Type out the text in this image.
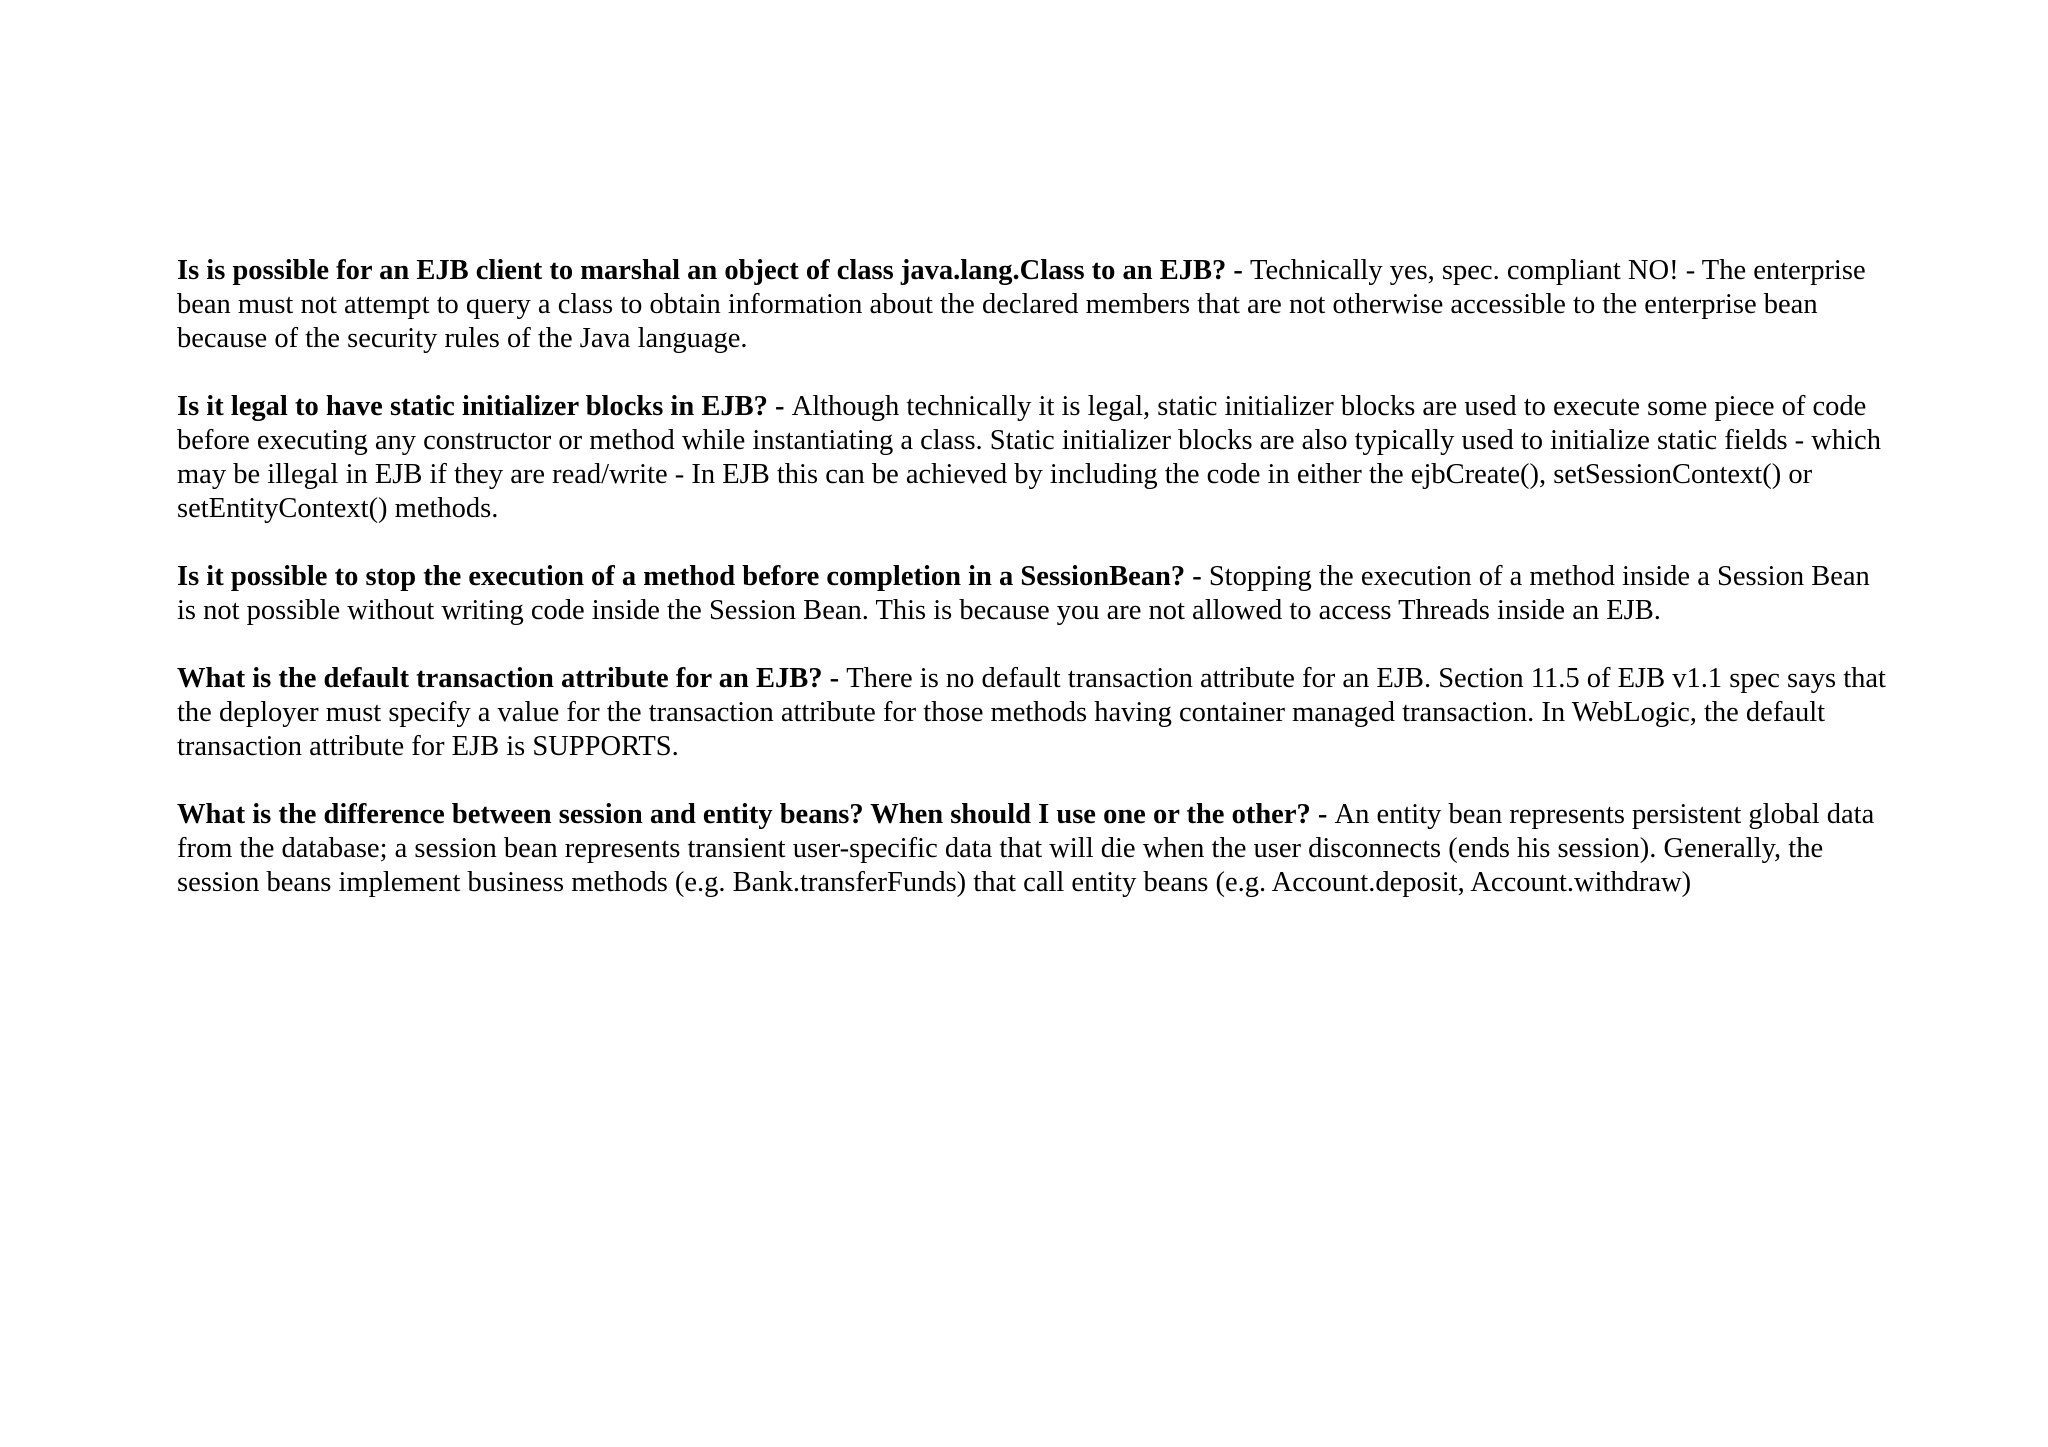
Is is possible for an EJB client to marshal an object of class java.lang.Class to an EJB? - Technically yes, spec. compliant NO! - The enterprise bean must not attempt to query a class to obtain information about the declared members that are not otherwise accessible to the enterprise bean because of the security rules of the Java language.

Is it legal to have static initializer blocks in EJB? - Although technically it is legal, static initializer blocks are used to execute some piece of code before executing any constructor or method while instantiating a class. Static initializer blocks are also typically used to initialize static fields - which may be illegal in EJB if they are read/write - In EJB this can be achieved by including the code in either the ejbCreate(), setSessionContext() or setEntityContext() methods.

Is it possible to stop the execution of a method before completion in a SessionBean? - Stopping the execution of a method inside a Session Bean is not possible without writing code inside the Session Bean. This is because you are not allowed to access Threads inside an EJB.

What is the default transaction attribute for an EJB? - There is no default transaction attribute for an EJB. Section 11.5 of EJB v1.1 spec says that the deployer must specify a value for the transaction attribute for those methods having container managed transaction. In WebLogic, the default transaction attribute for EJB is SUPPORTS.

What is the difference between session and entity beans? When should I use one or the other? - An entity bean represents persistent global data from the database; a session bean represents transient user-specific data that will die when the user disconnects (ends his session). Generally, the session beans implement business methods (e.g. Bank.transferFunds) that call entity beans (e.g. Account.deposit, Account.withdraw)
